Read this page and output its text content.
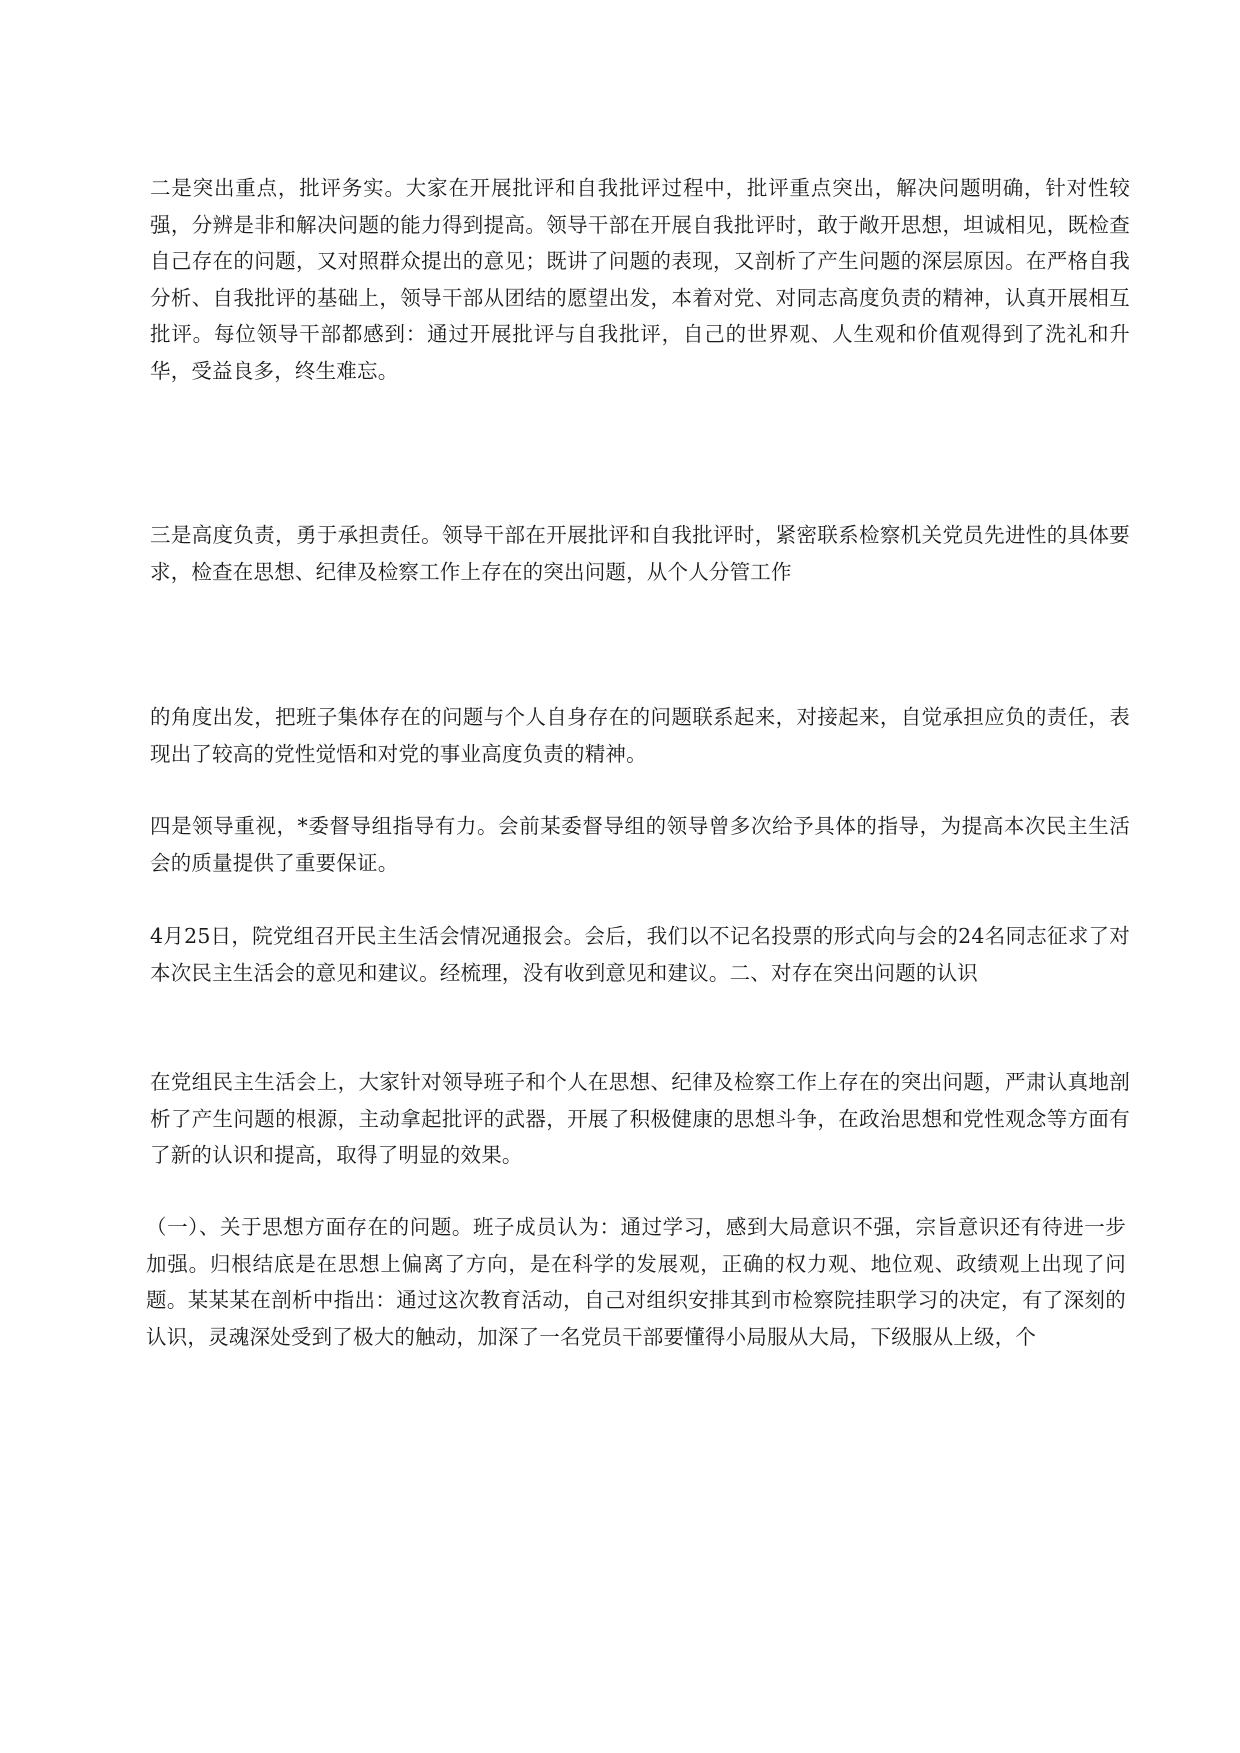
二是突出重点，批评务实。大家在开展批评和自我批评过程中，批评重点突出，解决问题明确，针对性较强，分辨是非和解决问题的能力得到提高。领导干部在开展自我批评时，敢于敞开思想，坦诚相见，既检查自己存在的问题，又对照群众提出的意见；既讲了问题的表现，又剖析了产生问题的深层原因。在严格自我分析、自我批评的基础上，领导干部从团结的愿望出发，本着对党、对同志高度负责的精神，认真开展相互批评。每位领导干部都感到：通过开展批评与自我批评，自己的世界观、人生观和价值观得到了洗礼和升华，受益良多，终生难忘。

三是高度负责，勇于承担责任。领导干部在开展批评和自我批评时，紧密联系检察机关党员先进性的具体要求，检查在思想、纪律及检察工作上存在的突出问题，从个人分管工作

的角度出发，把班子集体存在的问题与个人自身存在的问题联系起来，对接起来，自觉承担应负的责任，表现出了较高的党性觉悟和对党的事业高度负责的精神。

四是领导重视，*委督导组指导有力。会前某委督导组的领导曾多次给予具体的指导，为提高本次民主生活会的质量提供了重要保证。

4月25日，院党组召开民主生活会情况通报会。会后，我们以不记名投票的形式向与会的24名同志征求了对本次民主生活会的意见和建议。经梳理，没有收到意见和建议。二、对存在突出问题的认识

在党组民主生活会上，大家针对领导班子和个人在思想、纪律及检察工作上存在的突出问题，严肃认真地剖析了产生问题的根源，主动拿起批评的武器，开展了积极健康的思想斗争，在政治思想和党性观念等方面有了新的认识和提高，取得了明显的效果。

（一）、关于思想方面存在的问题。班子成员认为：通过学习，感到大局意识不强，宗旨意识还有待进一步加强。归根结底是在思想上偏离了方向，是在科学的发展观，正确的权力观、地位观、政绩观上出现了问题。某某某在剖析中指出：通过这次教育活动，自己对组织安排其到市检察院挂职学习的决定，有了深刻的认识，灵魂深处受到了极大的触动，加深了一名党员干部要懂得小局服从大局，下级服从上级，个
